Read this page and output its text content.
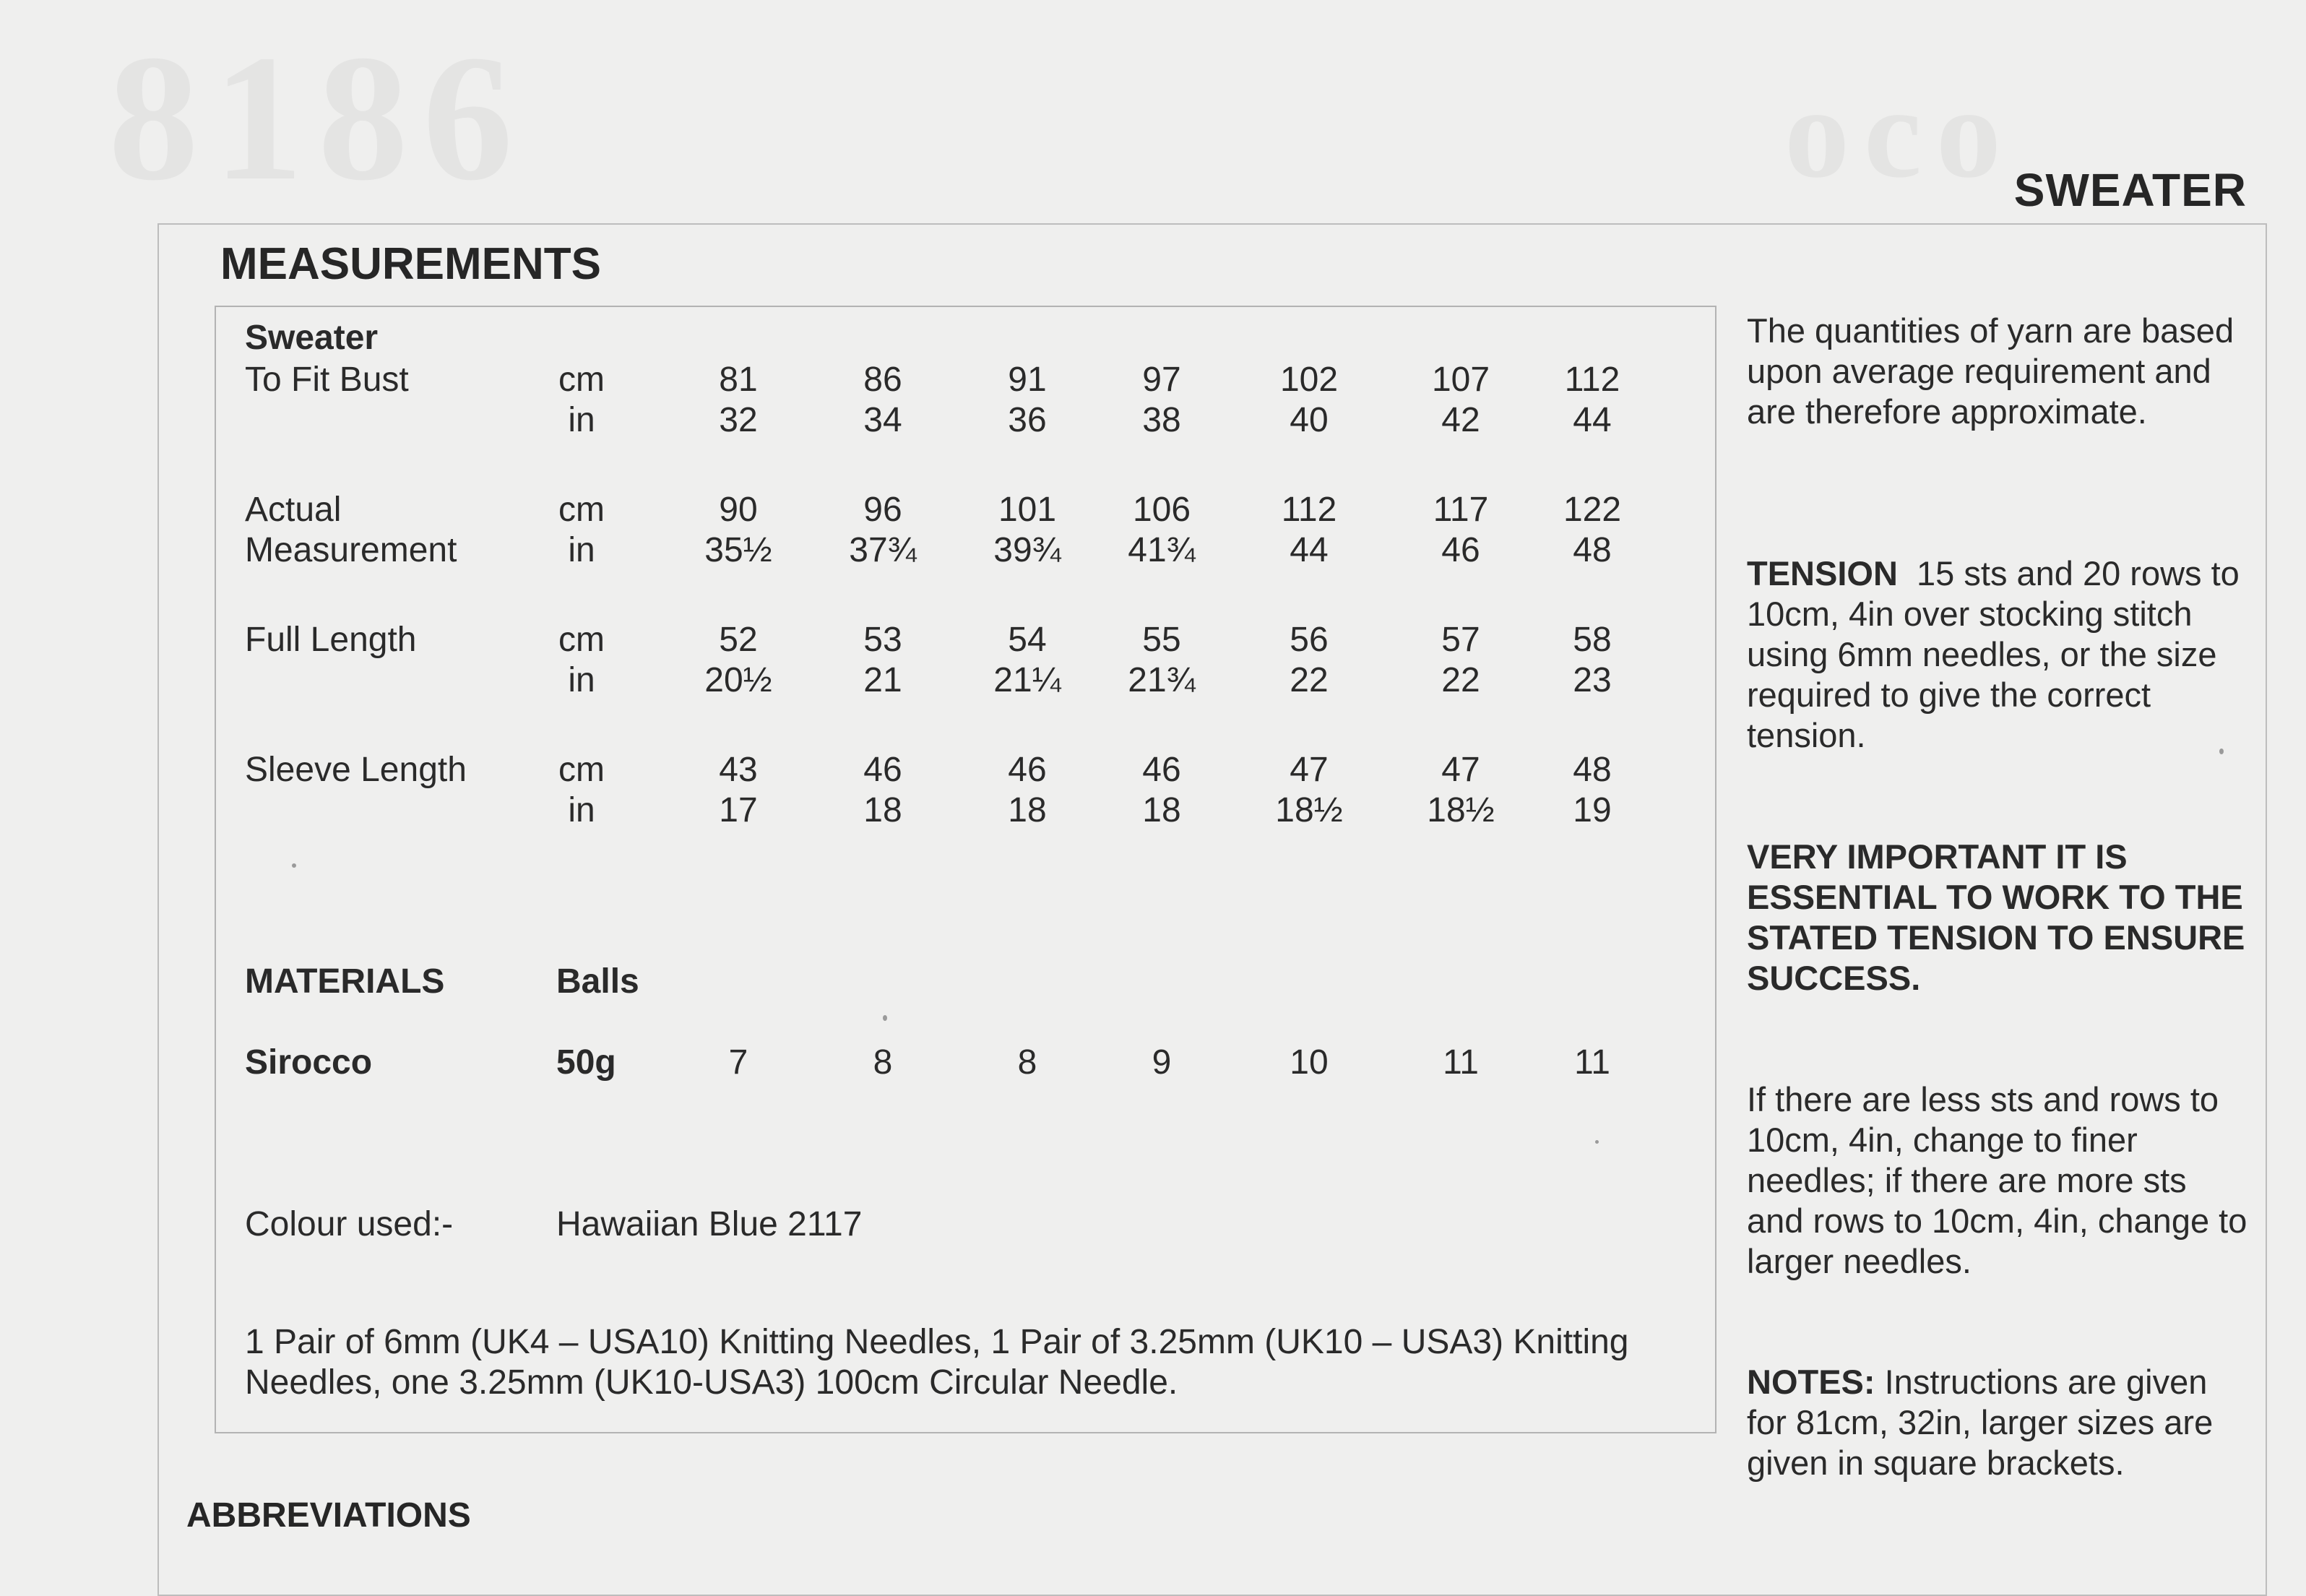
8186	oco
SWEATER
MEASUREMENTS
Sweater
To Fit Bust	cm	81	86	91	97	102	107	112
in	32	34	36	38	40	42	44
Actual	cm	90	96	101	106	112	117	122
Measurement	in	35½	37¾	39¾	41¾	44	46	48
Full Length	cm	52	53	54	55	56	57	58
in	20½	21	21¼	21¾	22	22	23
Sleeve Length	cm	43	46	46	46	47	47	48
in	17	18	18	18	18½	18½	19
MATERIALS	Balls
Sirocco	50g	7	8	8	9	10	11	11
Colour used:-	Hawaiian Blue 2117
1 Pair of 6mm (UK4 – USA10) Knitting Needles, 1 Pair of 3.25mm (UK10 – USA3) Knitting Needles, one 3.25mm (UK10-USA3) 100cm Circular Needle.
The quantities of yarn are based upon average requirement and are therefore approximate.
TENSION 15 sts and 20 rows to 10cm, 4in over stocking stitch using 6mm needles, or the size required to give the correct tension.
VERY IMPORTANT IT IS ESSENTIAL TO WORK TO THE STATED TENSION TO ENSURE SUCCESS.
If there are less sts and rows to 10cm, 4in, change to finer needles; if there are more sts and rows to 10cm, 4in, change to larger needles.
NOTES: Instructions are given for 81cm, 32in, larger sizes are given in square brackets.
ABBREVIATIONS
